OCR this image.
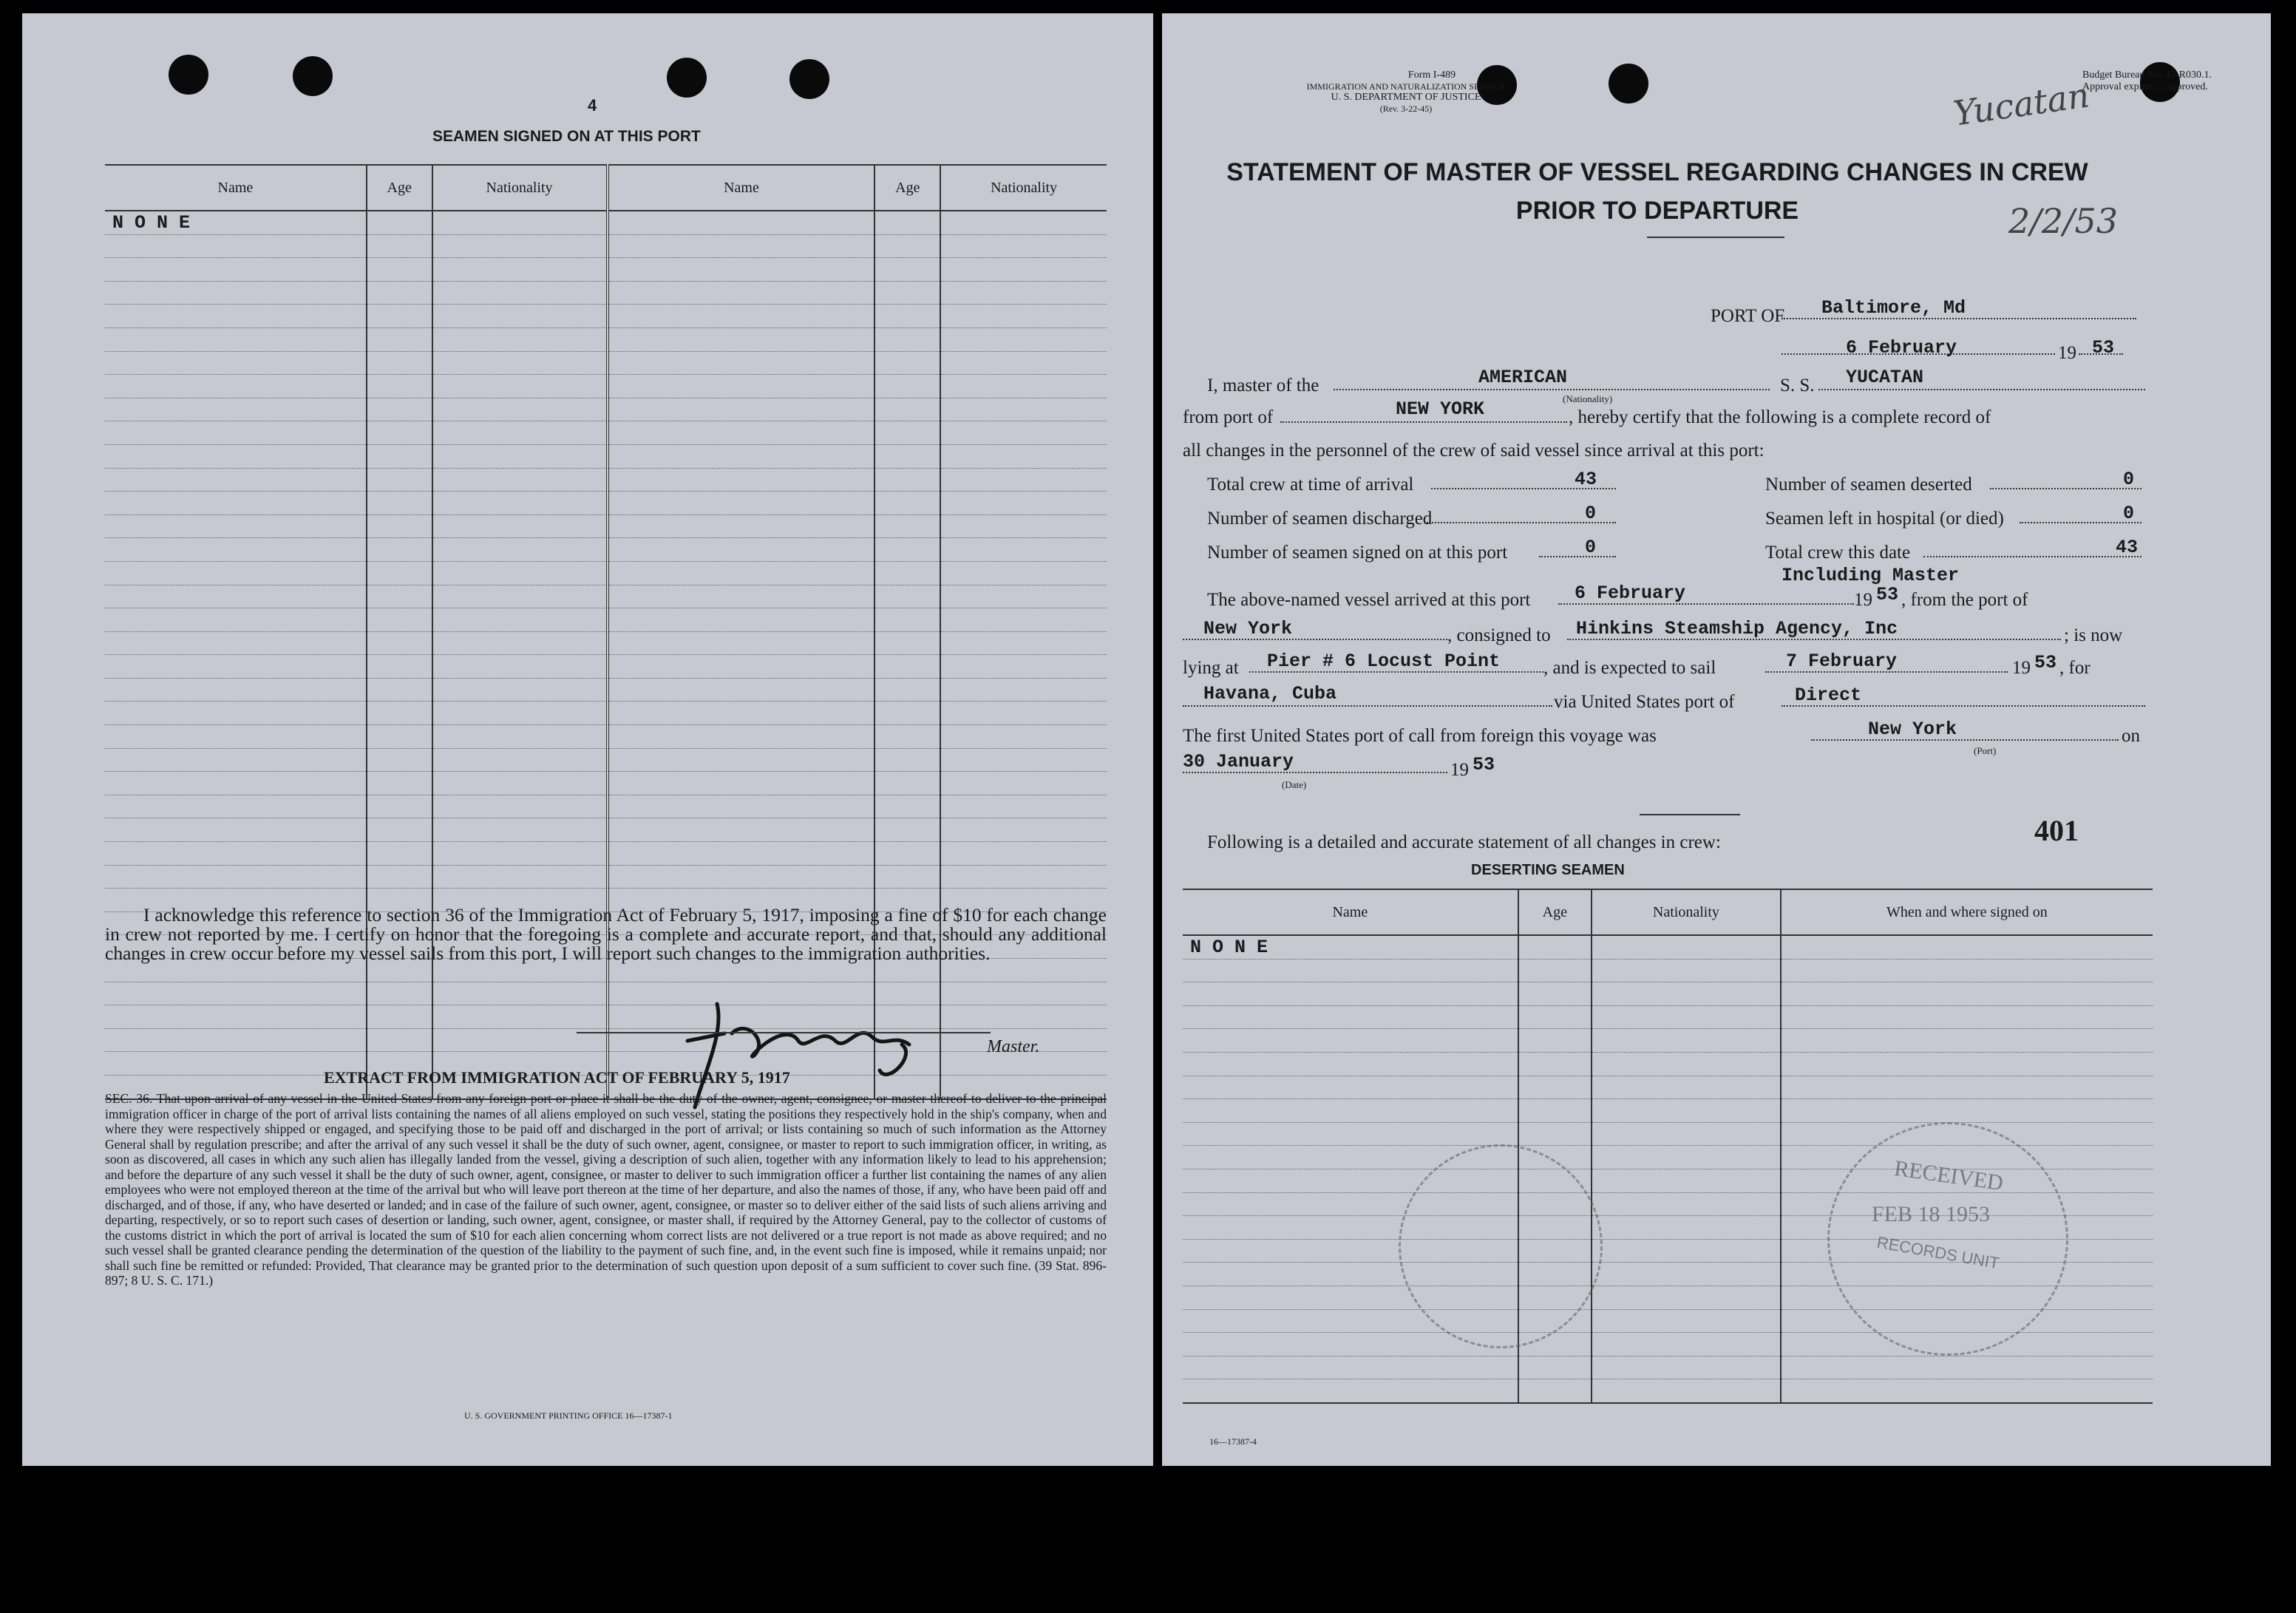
4
SEAMEN SIGNED ON AT THIS PORT
Name	Age	Nationality	Name	Age	Nationality
N O N E					

I acknowledge this reference to section 36 of the Immigration Act of February 5, 1917, imposing a fine of $10 for each change in crew not reported by me. I certify on honor that the foregoing is a complete and accurate report, and that, should any additional changes in crew occur before my vessel sails from this port, I will report such changes to the immigration authorities.
Master.
EXTRACT FROM IMMIGRATION ACT OF FEBRUARY 5, 1917
SEC. 36. That upon arrival of any vessel in the United States from any foreign port or place it shall be the duty of the owner, agent, consignee, or master thereof to deliver to the principal immigration officer in charge of the port of arrival lists containing the names of all aliens employed on such vessel, stating the positions they respectively hold in the ship's company, when and where they were respectively shipped or engaged, and specifying those to be paid off and discharged in the port of arrival; or lists containing so much of such information as the Attorney General shall by regulation prescribe; and after the arrival of any such vessel it shall be the duty of such owner, agent, consignee, or master to report to such immigration officer, in writing, as soon as discovered, all cases in which any such alien has illegally landed from the vessel, giving a description of such alien, together with any information likely to lead to his apprehension; and before the departure of any such vessel it shall be the duty of such owner, agent, consignee, or master to deliver to such immigration officer a further list containing the names of any alien employees who were not employed thereon at the time of the arrival but who will leave port thereon at the time of her departure, and also the names of those, if any, who have been paid off and discharged, and of those, if any, who have deserted or landed; and in case of the failure of such owner, agent, consignee, or master so to deliver either of the said lists of such aliens arriving and departing, respectively, or so to report such cases of desertion or landing, such owner, agent, consignee, or master shall, if required by the Attorney General, pay to the collector of customs of the customs district in which the port of arrival is located the sum of $10 for each alien concerning whom correct lists are not delivered or a true report is not made as above required; and no such vessel shall be granted clearance pending the determination of the question of the liability to the payment of such fine, and, in the event such fine is imposed, while it remains unpaid; nor shall such fine be remitted or refunded: Provided, That clearance may be granted prior to the determination of such question upon deposit of a sum sufficient to cover such fine. (39 Stat. 896-897; 8 U. S. C. 171.)
U. S. GOVERNMENT PRINTING OFFICE 16—17387-1
Form I-489
IMMIGRATION AND NATURALIZATION SERVICE
U. S. DEPARTMENT OF JUSTICE
(Rev. 3-22-45)
Budget Bureau No. 43-R030.1.
Approval expires ... approved.
Yucatan
2/2/53
STATEMENT OF MASTER OF VESSEL REGARDING CHANGES IN CREW
PRIOR TO DEPARTURE
PORT OF Baltimore, Md
6 February	19 53
I, master of the	AMERICAN
(Nationality)
S. S. YUCATAN
from port of	NEW YORK	, hereby certify that the following is a complete record of
all changes in the personnel of the crew of said vessel since arrival at this port:
Total crew at time of arrival	43	Number of seamen deserted	0
Number of seamen discharged	0	Seamen left in hospital (or died)	0
Number of seamen signed on at this port	0	Total crew this date	43
Including Master
The above-named vessel arrived at this port 6 February	19 53 , from the port of
New York	, consigned to Hinkins Steamship Agency, Inc	; is now
lying at Pier # 6 Locust Point , and is expected to sail	7 February	19 53 , for
Havana, Cuba	via United States port of	Direct
The first United States port of call from foreign this voyage was	New York
(Port)
on
30 January
(Date)
19 53
401
Following is a detailed and accurate statement of all changes in crew:
DESERTING SEAMEN
Name	Age	Nationality	When and where signed on
N O N E			

RECEIVED
FEB 18 1953
RECORDS UNIT
16—17387-4
